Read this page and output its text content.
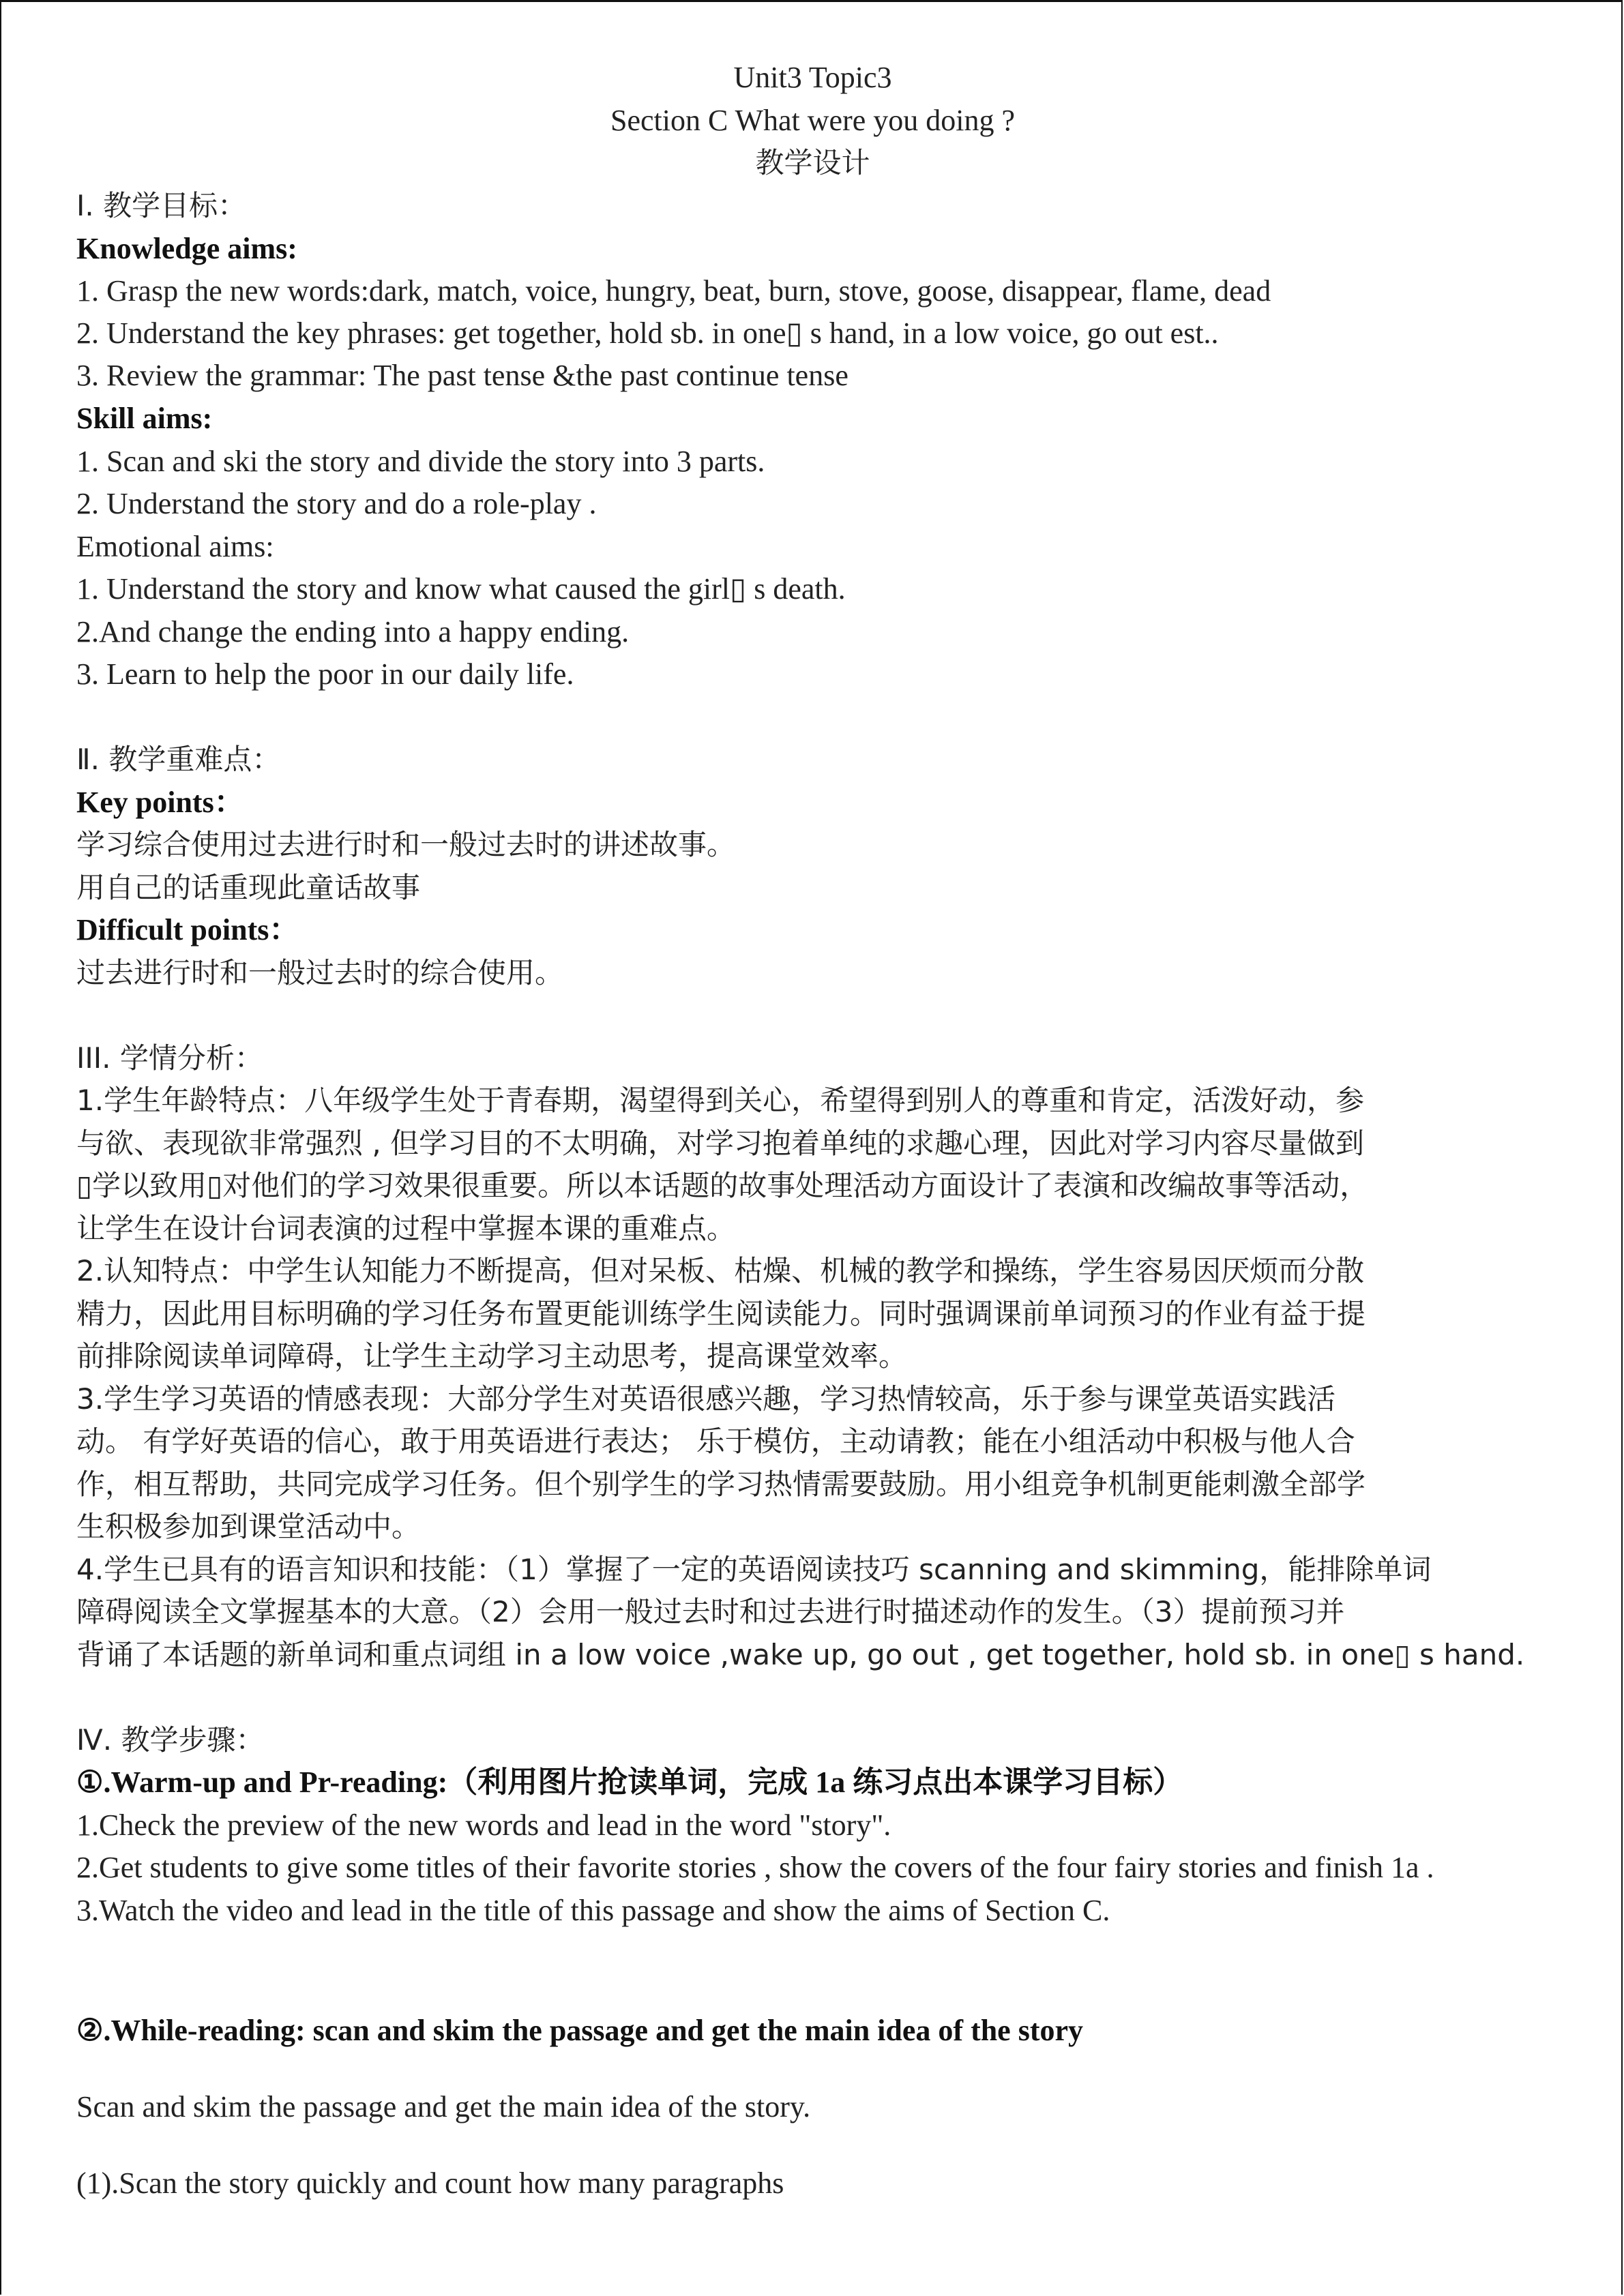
Unit3 Topic3
Section C What were you doing ?
教学设计
Ⅰ. 教学目标：
Knowledge aims:
1. Grasp the new words:dark, match, voice, hungry, beat, burn, stove, goose, disappear, flame, dead
2. Understand the key phrases: get together, hold sb. in one▯ s hand, in a low voice, go out est..
3. Review the grammar: The past tense &the past continue tense
Skill aims:
1. Scan and ski the story and divide the story into 3 parts.
2. Understand the story and do a role-play .
Emotional aims:
1. Understand the story and know what caused the girl▯ s death.
2.And change the ending into a happy ending.
3. Learn to help the poor in our daily life.
Ⅱ. 教学重难点：
Key points：
学习综合使用过去进行时和一般过去时的讲述故事。
用自己的话重现此童话故事
Difficult points：
过去进行时和一般过去时的综合使用。
III. 学情分析：
1.学生年龄特点：八年级学生处于青春期，渴望得到关心，希望得到别人的尊重和肯定，活泼好动，参
与欲、表现欲非常强烈 , 但学习目的不太明确，对学习抱着单纯的求趣心理，因此对学习内容尽量做到
▯学以致用▯对他们的学习效果很重要。所以本话题的故事处理活动方面设计了表演和改编故事等活动，
让学生在设计台词表演的过程中掌握本课的重难点。
2.认知特点：中学生认知能力不断提高，但对呆板、枯燥、机械的教学和操练，学生容易因厌烦而分散
精力，因此用目标明确的学习任务布置更能训练学生阅读能力。同时强调课前单词预习的作业有益于提
前排除阅读单词障碍，让学生主动学习主动思考，提高课堂效率。
3.学生学习英语的情感表现：大部分学生对英语很感兴趣，学习热情较高，乐于参与课堂英语实践活
动。 有学好英语的信心，敢于用英语进行表达； 乐于模仿，主动请教；能在小组活动中积极与他人合
作，相互帮助，共同完成学习任务。但个别学生的学习热情需要鼓励。用小组竞争机制更能刺激全部学
生积极参加到课堂活动中。
4.学生已具有的语言知识和技能：（1）掌握了一定的英语阅读技巧 scanning and skimming，能排除单词
障碍阅读全文掌握基本的大意。（2）会用一般过去时和过去进行时描述动作的发生。（3）提前预习并
背诵了本话题的新单词和重点词组 in a low voice ,wake up, go out , get together, hold sb. in one▯ s hand.
Ⅳ. 教学步骤：
①.Warm-up and Pr-reading:（利用图片抢读单词，完成 1a 练习点出本课学习目标）
1.Check the preview of the new words and lead in the word "story".
2.Get students to give some titles of their favorite stories , show the covers of the four fairy stories and finish 1a .
3.Watch the video and lead in the title of this passage and show the aims of Section C.
②.While-reading: scan and skim the passage and get the main idea of the story
Scan and skim the passage and get the main idea of the story.
(1).Scan the story quickly and count how many paragraphs
